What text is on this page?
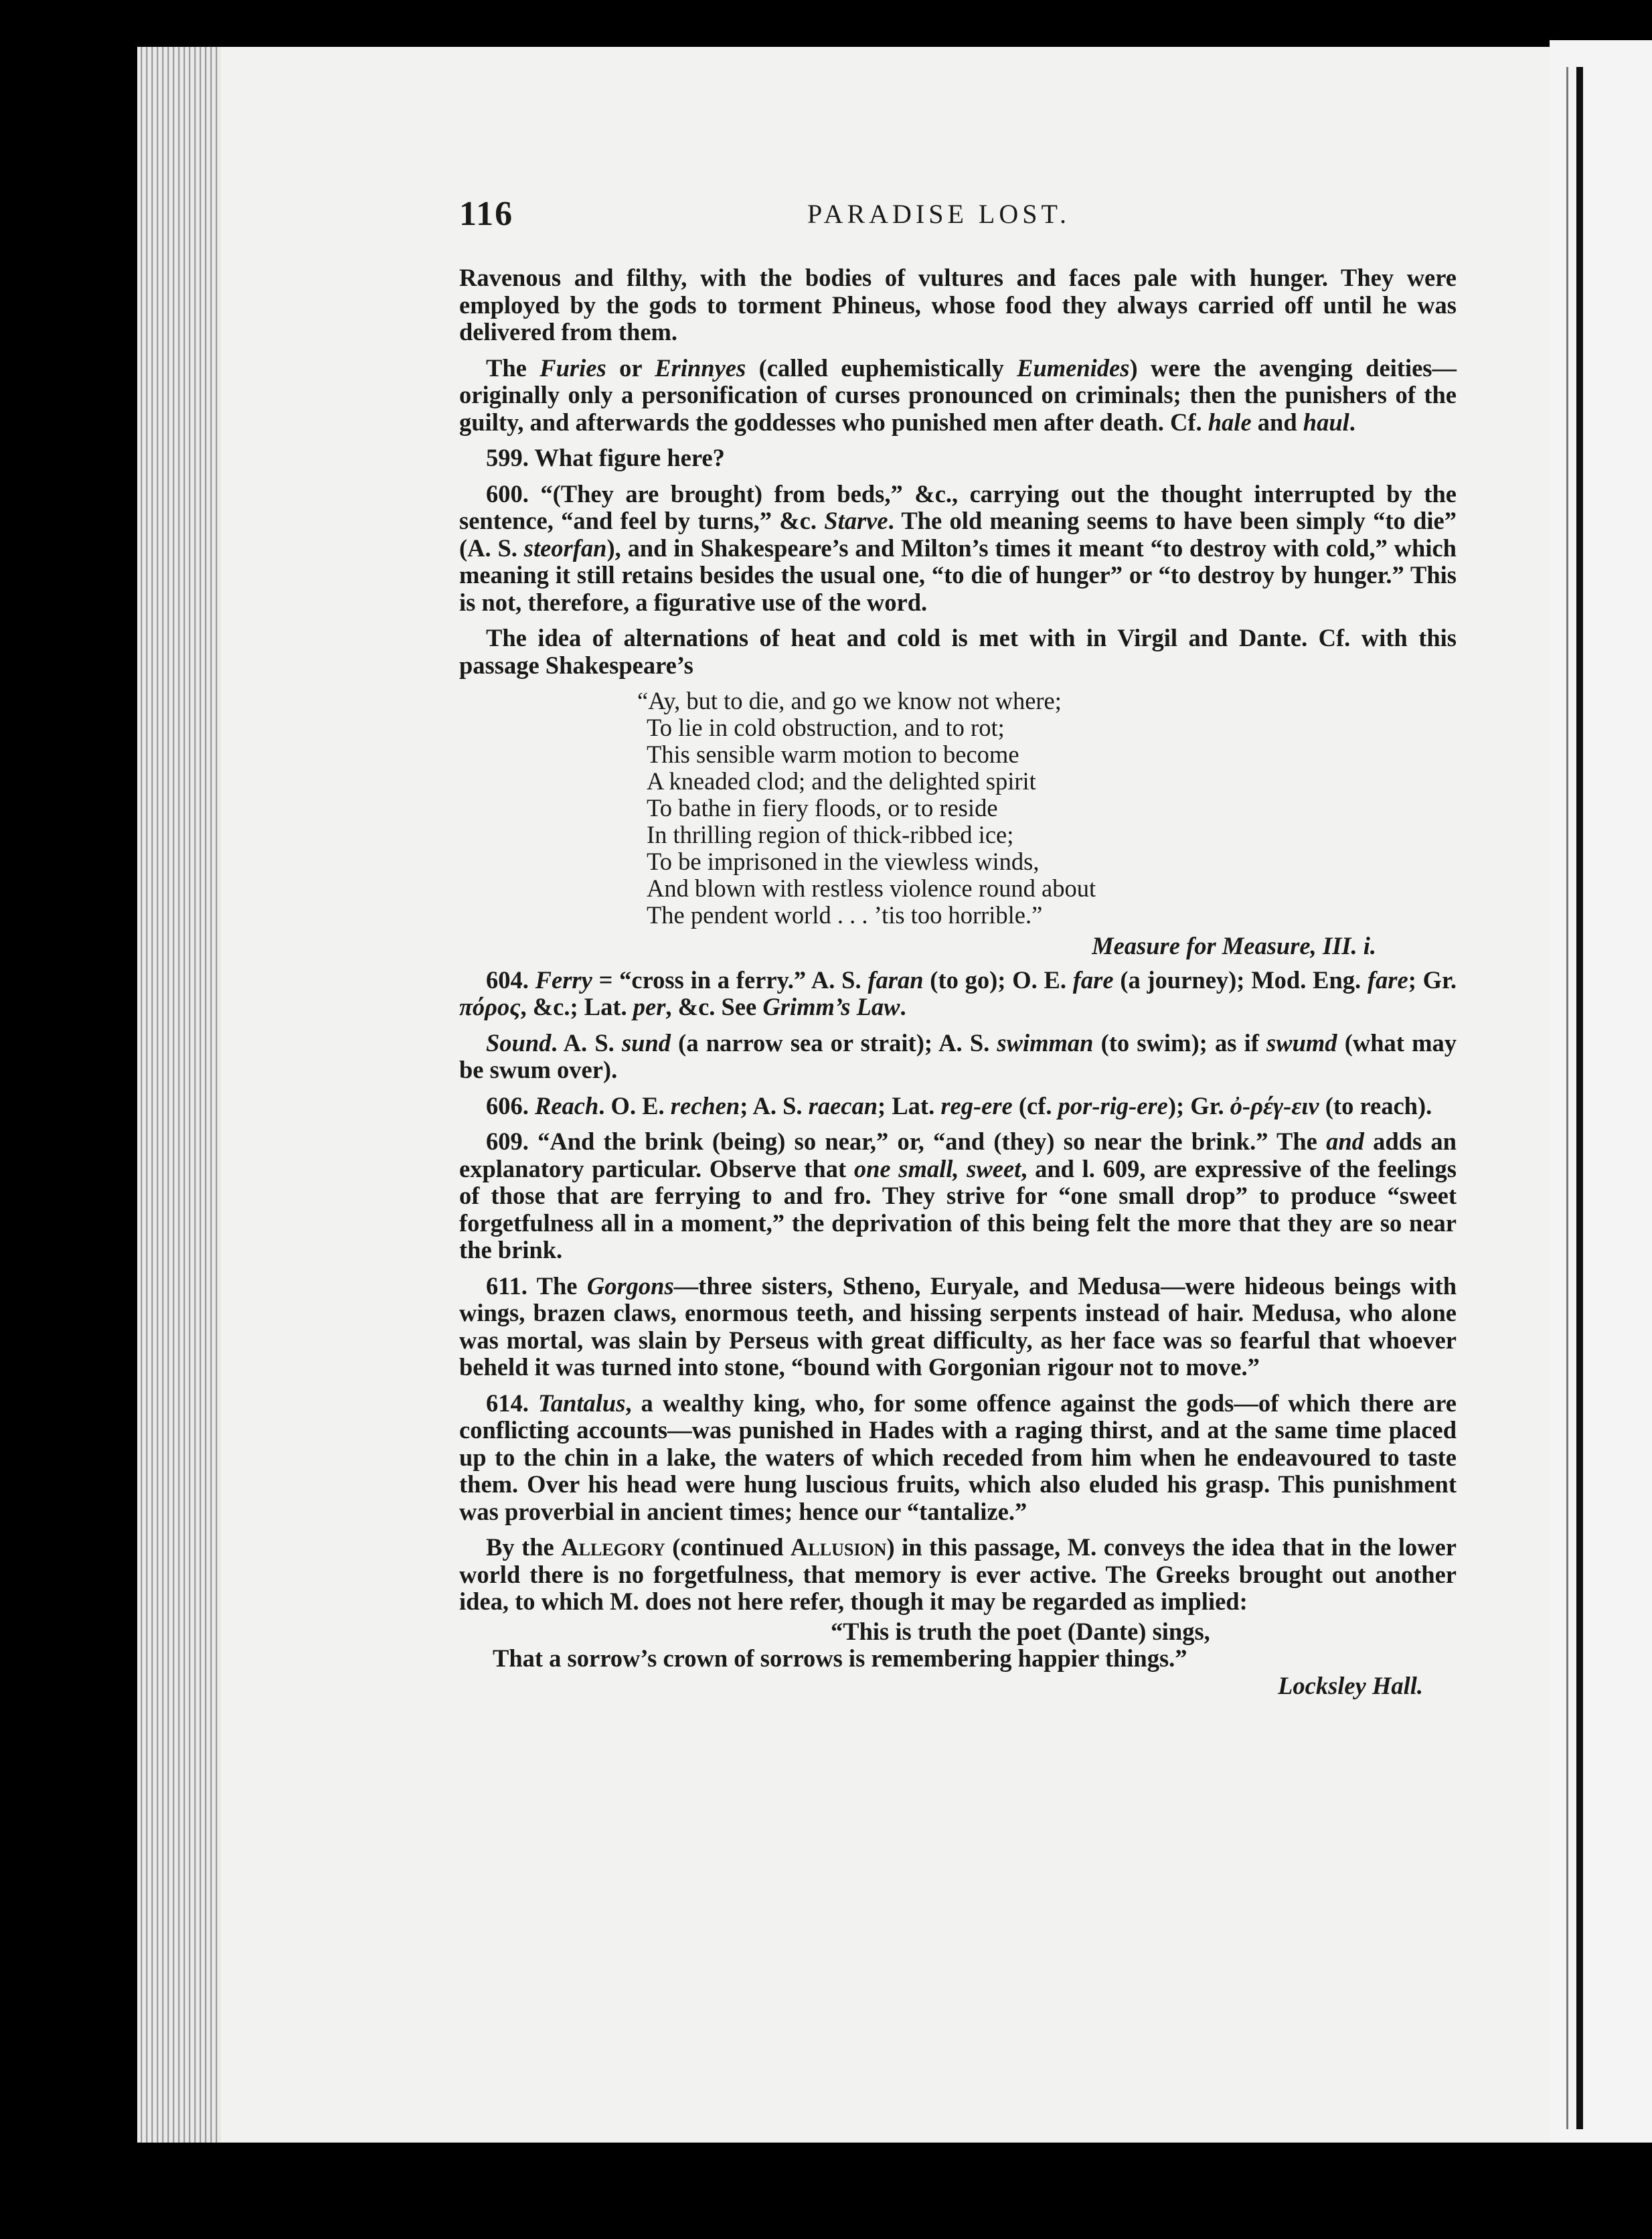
116	PARADISE LOST.

Ravenous and filthy, with the bodies of vultures and faces pale with hunger. They were employed by the gods to torment Phineus, whose food they always carried off until he was delivered from them.

The Furies or Erinnyes (called euphemistically Eumenides) were the avenging deities—originally only a personification of curses pronounced on criminals; then the punishers of the guilty, and afterwards the goddesses who punished men after death. Cf. hale and haul.

599. What figure here?

600. “(They are brought) from beds,” &c., carrying out the thought interrupted by the sentence, “and feel by turns,” &c. Starve. The old meaning seems to have been simply “to die” (A. S. steorfan), and in Shakespeare’s and Milton’s times it meant “to destroy with cold,” which meaning it still retains besides the usual one, “to die of hunger” or “to destroy by hunger.” This is not, therefore, a figurative use of the word.

The idea of alternations of heat and cold is met with in Virgil and Dante. Cf. with this passage Shakespeare’s

“Ay, but to die, and go we know not where;
To lie in cold obstruction, and to rot;
This sensible warm motion to become
A kneaded clod; and the delighted spirit
To bathe in fiery floods, or to reside
In thrilling region of thick-ribbed ice;
To be imprisoned in the viewless winds,
And blown with restless violence round about
The pendent world . . . ’tis too horrible.”
Measure for Measure, III. i.

604. Ferry = “cross in a ferry.” A. S. faran (to go); O. E. fare (a journey); Mod. Eng. fare; Gr. πόρος, &c.; Lat. per, &c. See Grimm’s Law.

Sound. A. S. sund (a narrow sea or strait); A. S. swimman (to swim); as if swumd (what may be swum over).

606. Reach. O. E. rechen; A. S. raecan; Lat. reg-ere (cf. por-rig-ere); Gr. ὀ-ρέγ-ειν (to reach).

609. “And the brink (being) so near,” or, “and (they) so near the brink.” The and adds an explanatory particular. Observe that one small, sweet, and l. 609, are expressive of the feelings of those that are ferrying to and fro. They strive for “one small drop” to produce “sweet forgetfulness all in a moment,” the deprivation of this being felt the more that they are so near the brink.

611. The Gorgons—three sisters, Stheno, Euryale, and Medusa—were hideous beings with wings, brazen claws, enormous teeth, and hissing serpents instead of hair. Medusa, who alone was mortal, was slain by Perseus with great difficulty, as her face was so fearful that whoever beheld it was turned into stone, “bound with Gorgonian rigour not to move.”

614. Tantalus, a wealthy king, who, for some offence against the gods—of which there are conflicting accounts—was punished in Hades with a raging thirst, and at the same time placed up to the chin in a lake, the waters of which receded from him when he endeavoured to taste them. Over his head were hung luscious fruits, which also eluded his grasp. This punishment was proverbial in ancient times; hence our “tantalize.”

By the Allegory (continued Allusion) in this passage, M. conveys the idea that in the lower world there is no forgetfulness, that memory is ever active. The Greeks brought out another idea, to which M. does not here refer, though it may be regarded as implied:

“This is truth the poet (Dante) sings,
That a sorrow’s crown of sorrows is remembering happier things.”
Locksley Hall.
